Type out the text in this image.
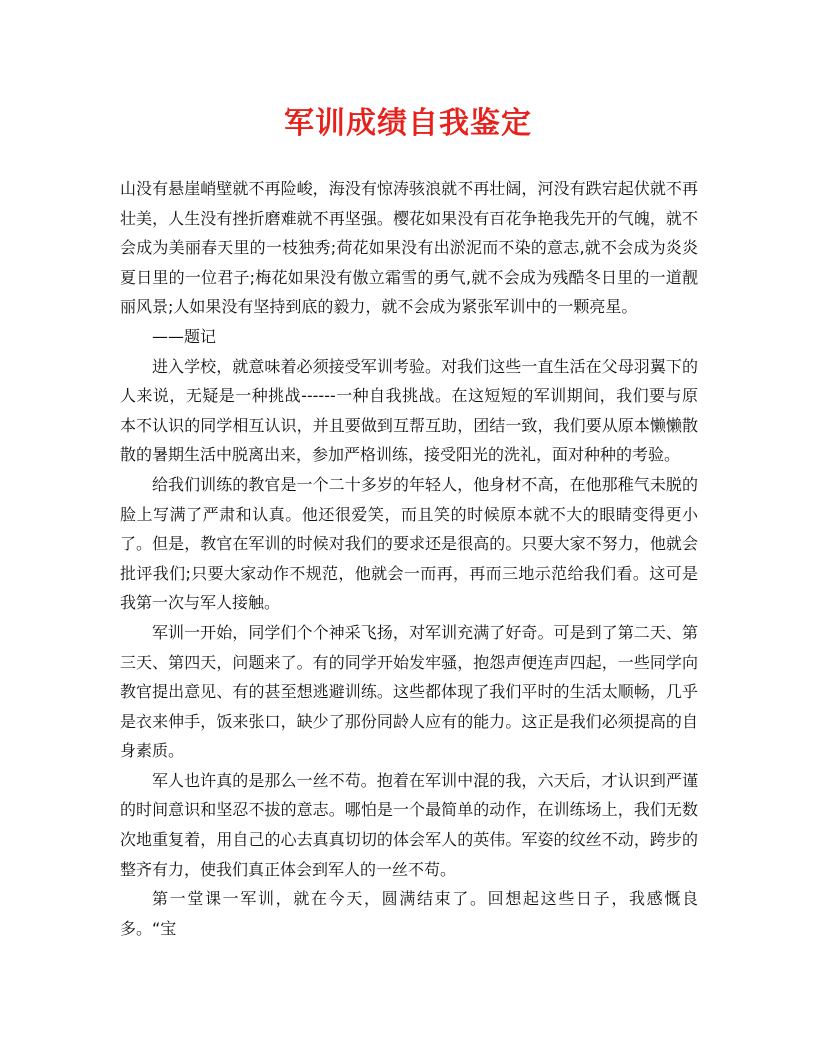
军训成绩自我鉴定

山没有悬崖峭壁就不再险峻，海没有惊涛骇浪就不再壮阔，河没有跌宕起伏就不再壮美，人生没有挫折磨难就不再坚强。樱花如果没有百花争艳我先开的气魄，就不会成为美丽春天里的一枝独秀;荷花如果没有出淤泥而不染的意志,就不会成为炎炎夏日里的一位君子;梅花如果没有傲立霜雪的勇气,就不会成为残酷冬日里的一道靓丽风景;人如果没有坚持到底的毅力，就不会成为紧张军训中的一颗亮星。

——题记

进入学校，就意味着必须接受军训考验。对我们这些一直生活在父母羽翼下的人来说，无疑是一种挑战------一种自我挑战。在这短短的军训期间，我们要与原本不认识的同学相互认识，并且要做到互帮互助，团结一致，我们要从原本懒懒散散的暑期生活中脱离出来，参加严格训练，接受阳光的洗礼，面对种种的考验。

给我们训练的教官是一个二十多岁的年轻人，他身材不高，在他那稚气未脱的脸上写满了严肃和认真。他还很爱笑，而且笑的时候原本就不大的眼睛变得更小了。但是，教官在军训的时候对我们的要求还是很高的。只要大家不努力，他就会批评我们;只要大家动作不规范，他就会一而再，再而三地示范给我们看。这可是我第一次与军人接触。

军训一开始，同学们个个神采飞扬，对军训充满了好奇。可是到了第二天、第三天、第四天，问题来了。有的同学开始发牢骚，抱怨声便连声四起，一些同学向教官提出意见、有的甚至想逃避训练。这些都体现了我们平时的生活太顺畅，几乎是衣来伸手，饭来张口，缺少了那份同龄人应有的能力。这正是我们必须提高的自身素质。

军人也许真的是那么一丝不苟。抱着在军训中混的我，六天后，才认识到严谨的时间意识和坚忍不拔的意志。哪怕是一个最简单的动作，在训练场上，我们无数次地重复着，用自己的心去真真切切的体会军人的英伟。军姿的纹丝不动，跨步的整齐有力，使我们真正体会到军人的一丝不苟。

第一堂课一军训，就在今天，圆满结束了。回想起这些日子，我感慨良多。“宝
